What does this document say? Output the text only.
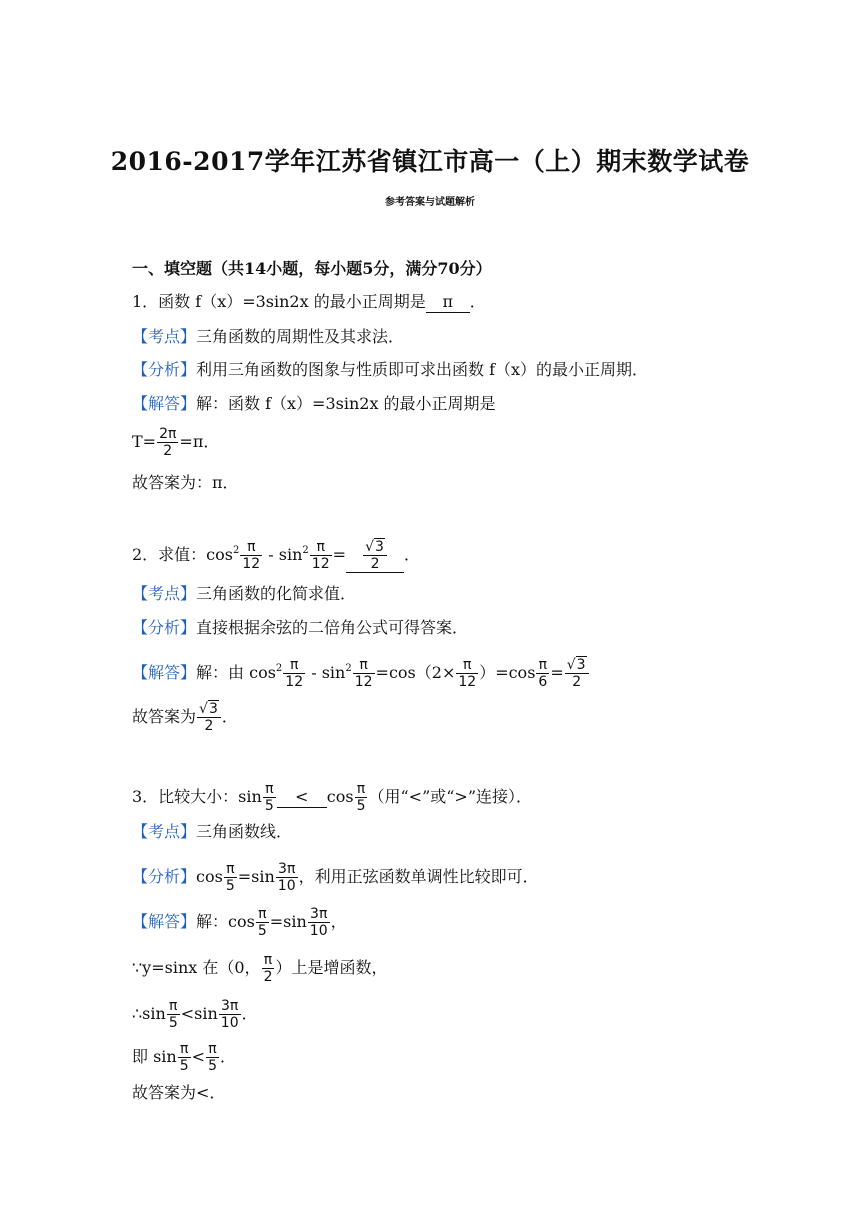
2016-2017学年江苏省镇江市高一（上）期末数学试卷
参考答案与试题解析
一、填空题（共14小题，每小题5分，满分70分）
1．函数 f（x）=3sin2x 的最小正周期是 π ．
【考点】三角函数的周期性及其求法．
【分析】利用三角函数的图象与性质即可求出函数 f（x）的最小正周期．
【解答】解：函数 f（x）=3sin2x 的最小正周期是
$T= \frac{2\pi}{2} =\pi$．
故答案为：π．
2．求值：$\cos^2 \frac{\pi}{12} - \sin^2 \frac{\pi}{12} = \frac{√3}{2}$ ．
【考点】三角函数的化简求值．
【分析】直接根据余弦的二倍角公式可得答案．
【解答】解：由 $\cos^2 \frac{\pi}{12} - \sin^2 \frac{\pi}{12} =\cos(2\times \frac{\pi}{12} )=\cos \frac{\pi}{6} = \frac{√3}{2}$
故答案为 $\frac{√3}{2}$ ．
3．比较大小：$\sin \frac{\pi}{5} < \cos \frac{\pi}{5}$ （用“<”或“>”连接）．
【考点】三角函数线．
【分析】$\cos \frac{\pi}{5} =\sin \frac{3\pi}{10}$ ，利用正弦函数单调性比较即可．
【解答】解：$\cos \frac{\pi}{5} =\sin \frac{3\pi}{10}$ ，
∵y=sinx 在（0， $\frac{\pi}{2}$ ）上是增函数，
∴sin $\frac{\pi}{5} <\sin \frac{3\pi}{10}$ ．
即 $\sin \frac{\pi}{5} < \frac{\pi}{5}$ ．
故答案为<．
